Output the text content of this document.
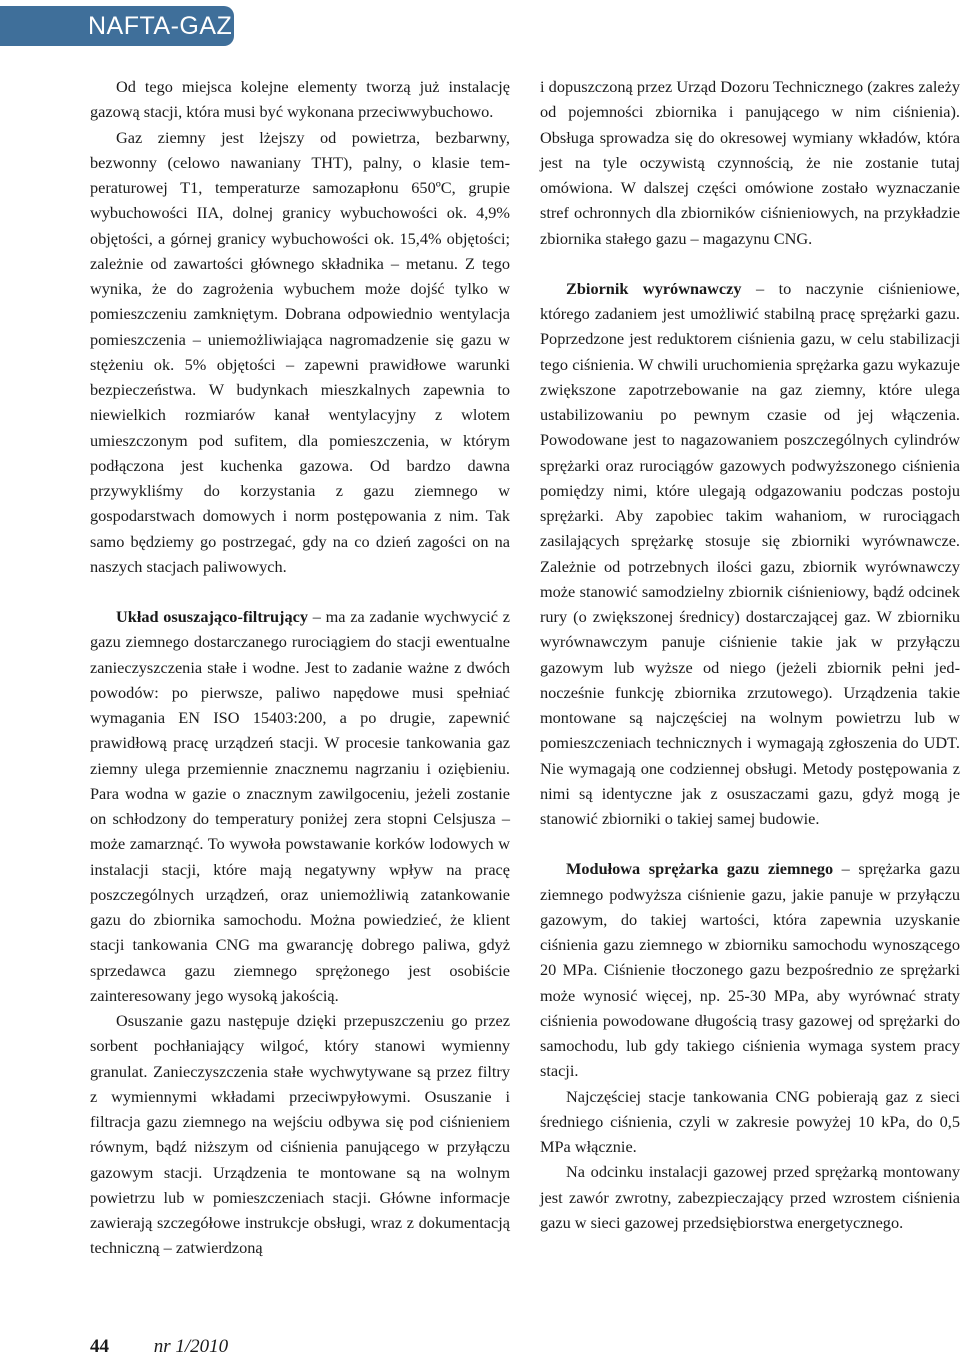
NAFTA-GAZ

Od tego miejsca kolejne elementy tworzą już instalację gazową stacji, która musi być wykonana przeciwwybuchowo.

Gaz ziemny jest lżejszy od powietrza, bezbarwny, bezwonny (celowo nawaniany THT), palny, o klasie temperaturowej T1, temperaturze samozapłonu 650ºC, grupie wybuchowości IIA, dolnej granicy wybuchowości ok. 4,9% objętości, a górnej granicy wybuchowości ok. 15,4% objętości; zależnie od zawartości głównego składnika – metanu. Z tego wynika, że do zagrożenia wybuchem może dojść tylko w pomieszczeniu zamkniętym. Dobrana odpowiednio wentylacja pomieszczenia – uniemożliwiająca nagromadzenie się gazu w stężeniu ok. 5% objętości – zapewni prawidłowe warunki bezpieczeństwa. W budynkach mieszkalnych zapewnia to niewielkich rozmiarów kanał wentylacyjny z wlotem umieszczonym pod sufitem, dla pomieszczenia, w którym podłączona jest kuchenka gazowa. Od bardzo dawna przywykliśmy do korzystania z gazu ziemnego w gospodarstwach domowych i norm postępowania z nim. Tak samo będziemy go postrzegać, gdy na co dzień zagości on na naszych stacjach paliwowych.

Układ osuszająco-filtrujący – ma za zadanie wychwycić z gazu ziemnego dostarczanego rurociągiem do stacji ewentualne zanieczyszczenia stałe i wodne. Jest to zadanie ważne z dwóch powodów: po pierwsze, paliwo napędowe musi spełniać wymagania EN ISO 15403:200, a po drugie, zapewnić prawidłową pracę urządzeń stacji. W procesie tankowania gaz ziemny ulega przemiennie znacznemu nagrzaniu i oziębieniu. Para wodna w gazie o znacznym zawilgoceniu, jeżeli zostanie on schłodzony do temperatury poniżej zera stopni Celsjusza – może zamarznąć. To wywoła powstawanie korków lodowych w instalacji stacji, które mają negatywny wpływ na pracę poszczególnych urządzeń, oraz uniemożliwią zatankowanie gazu do zbiornika samochodu. Można powiedzieć, że klient stacji tankowania CNG ma gwarancję dobrego paliwa, gdyż sprzedawca gazu ziemnego sprężonego jest osobiście zainteresowany jego wysoką jakością.

Osuszanie gazu następuje dzięki przepuszczeniu go przez sorbent pochłaniający wilgoć, który stanowi wymienny granulat. Zanieczyszczenia stałe wychwytywane są przez filtry z wymiennymi wkładami przeciwpyłowymi. Osuszanie i filtracja gazu ziemnego na wejściu odbywa się pod ciśnieniem równym, bądź niższym od ciśnienia panującego w przyłączu gazowym stacji. Urządzenia te montowane są na wolnym powietrzu lub w pomieszczeniach stacji. Główne informacje zawierają szczegółowe instrukcje obsługi, wraz z dokumentacją techniczną – zatwierdzoną

i dopuszczoną przez Urząd Dozoru Technicznego (zakres zależy od pojemności zbiornika i panującego w nim ciśnienia). Obsługa sprowadza się do okresowej wymiany wkładów, która jest na tyle oczywistą czynnością, że nie zostanie tutaj omówiona. W dalszej części omówione zostało wyznaczanie stref ochronnych dla zbiorników ciśnieniowych, na przykładzie zbiornika stałego gazu – magazynu CNG.

Zbiornik wyrównawczy – to naczynie ciśnieniowe, którego zadaniem jest umożliwić stabilną pracę sprężarki gazu. Poprzedzone jest reduktorem ciśnienia gazu, w celu stabilizacji tego ciśnienia. W chwili uruchomienia sprężarka gazu wykazuje zwiększone zapotrzebowanie na gaz ziemny, które ulega ustabilizowaniu po pewnym czasie od jej włączenia. Powodowane jest to nagazowaniem poszczególnych cylindrów sprężarki oraz rurociągów gazowych podwyższonego ciśnienia pomiędzy nimi, które ulegają odgazowaniu podczas postoju sprężarki. Aby zapobiec takim wahaniom, w rurociągach zasilających sprężarkę stosuje się zbiorniki wyrównawcze. Zależnie od potrzebnych ilości gazu, zbiornik wyrównawczy może stanowić samodzielny zbiornik ciśnieniowy, bądź odcinek rury (o zwiększonej średnicy) dostarczającej gaz. W zbiorniku wyrównawczym panuje ciśnienie takie jak w przyłączu gazowym lub wyższe od niego (jeżeli zbiornik pełni jednocześnie funkcję zbiornika zrzutowego). Urządzenia takie montowane są najczęściej na wolnym powietrzu lub w pomieszczeniach technicznych i wymagają zgłoszenia do UDT. Nie wymagają one codziennej obsługi. Metody postępowania z nimi są identyczne jak z osuszaczami gazu, gdyż mogą je stanowić zbiorniki o takiej samej budowie.

Modułowa sprężarka gazu ziemnego – sprężarka gazu ziemnego podwyższa ciśnienie gazu, jakie panuje w przyłączu gazowym, do takiej wartości, która zapewnia uzyskanie ciśnienia gazu ziemnego w zbiorniku samochodu wynoszącego 20 MPa. Ciśnienie tłoczonego gazu bezpośrednio ze sprężarki może wynosić więcej, np. 25-30 MPa, aby wyrównać straty ciśnienia powodowane długością trasy gazowej od sprężarki do samochodu, lub gdy takiego ciśnienia wymaga system pracy stacji.

Najczęściej stacje tankowania CNG pobierają gaz z sieci średniego ciśnienia, czyli w zakresie powyżej 10 kPa, do 0,5 MPa włącznie.

Na odcinku instalacji gazowej przed sprężarką montowany jest zawór zwrotny, zabezpieczający przed wzrostem ciśnienia gazu w sieci gazowej przedsiębiorstwa energetycznego.

44 nr 1/2010
